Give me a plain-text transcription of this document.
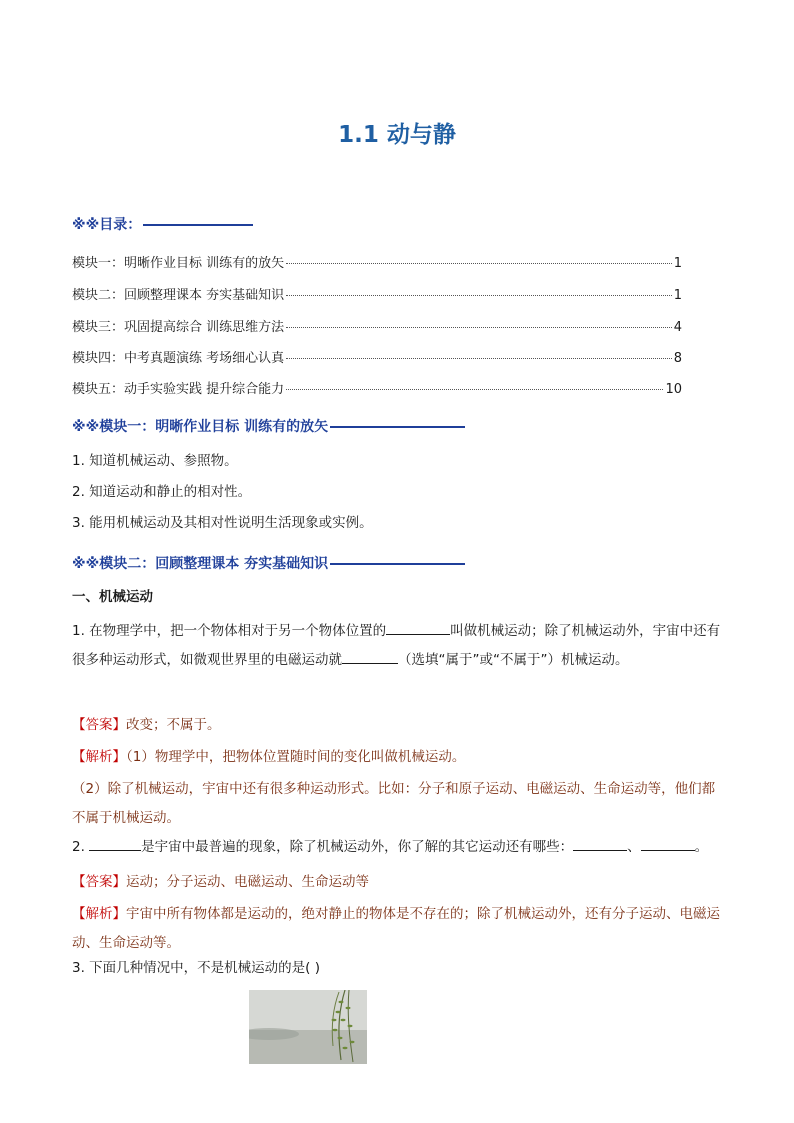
1.1 动与静
※※目录：
模块一：明晰作业目标 训练有的放矢	1
模块二：回顾整理课本 夯实基础知识	1
模块三：巩固提高综合 训练思维方法	4
模块四：中考真题演练 考场细心认真	8
模块五：动手实验实践 提升综合能力	10
※※模块一：明晰作业目标 训练有的放矢
1. 知道机械运动、参照物。
2. 知道运动和静止的相对性。
3. 能用机械运动及其相对性说明生活现象或实例。
※※模块二：回顾整理课本 夯实基础知识
一、机械运动
1. 在物理学中，把一个物体相对于另一个物体位置的	叫做机械运动；除了机械运动外，宇宙中还有很多种运动形式，如微观世界里的电磁运动就	（选填“属于”或“不属于”）机械运动。
【答案】改变；不属于。
【解析】（1）物理学中，把物体位置随时间的变化叫做机械运动。
（2）除了机械运动，宇宙中还有很多种运动形式。比如：分子和原子运动、电磁运动、生命运动等，他们都不属于机械运动。
2.	是宇宙中最普遍的现象，除了机械运动外，你了解的其它运动还有哪些：	、	。
【答案】运动；分子运动、电磁运动、生命运动等
【解析】宇宙中所有物体都是运动的，绝对静止的物体是不存在的；除了机械运动外，还有分子运动、电磁运动、生命运动等。
3. 下面几种情况中，不是机械运动的是( )
